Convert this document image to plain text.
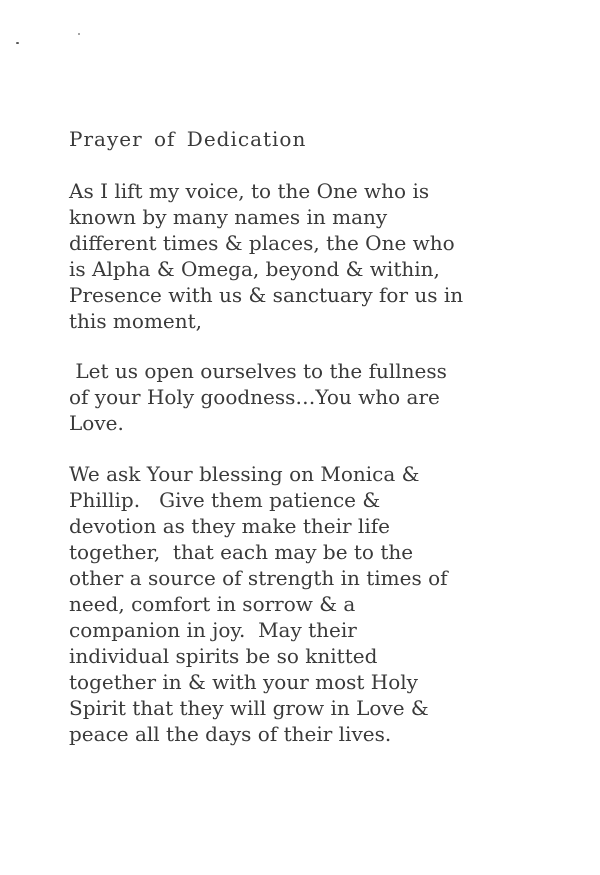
Prayer of Dedication

As I lift my voice, to the One who is
known by many names in many
different times & places, the One who
is Alpha & Omega, beyond & within,
Presence with us & sanctuary for us in
this moment,

Let us open ourselves to the fullness
of your Holy goodness…You who are
Love.

We ask Your blessing on Monica &
Phillip.   Give them patience &
devotion as they make their life
together,  that each may be to the
other a source of strength in times of
need, comfort in sorrow & a
companion in joy.  May their
individual spirits be so knitted
together in & with your most Holy
Spirit that they will grow in Love &
peace all the days of their lives.
